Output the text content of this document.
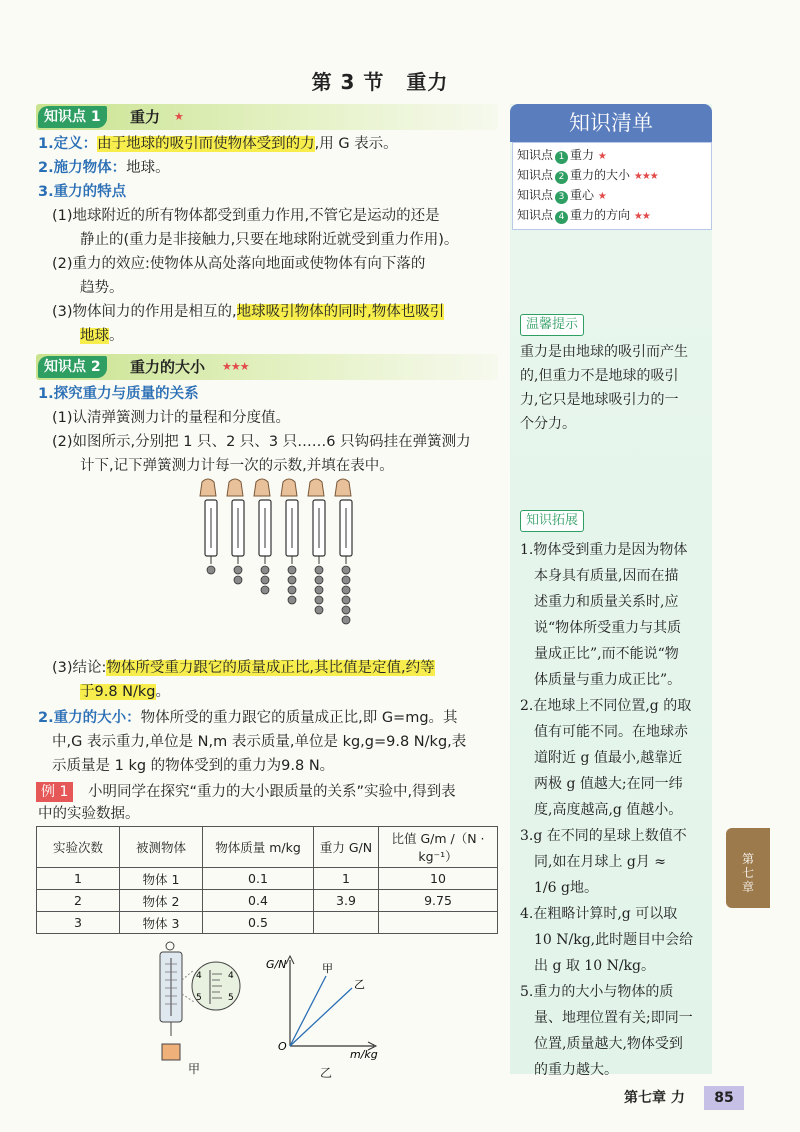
第 3 节 重力
知识点 1	重力 ★
1.定义：由于地球的吸引而使物体受到的力,用 G 表示。
2.施力物体：地球。
3.重力的特点
(1)地球附近的所有物体都受到重力作用,不管它是运动的还是
静止的(重力是非接触力,只要在地球附近就受到重力作用)。
(2)重力的效应:使物体从高处落向地面或使物体有向下落的
趋势。
(3)物体间力的作用是相互的,地球吸引物体的同时,物体也吸引
地球。
知识点 2	重力的大小 ★★★
1.探究重力与质量的关系
(1)认清弹簧测力计的量程和分度值。
(2)如图所示,分别把 1 只、2 只、3 只……6 只钩码挂在弹簧测力
计下,记下弹簧测力计每一次的示数,并填在表中。
(3)结论:物体所受重力跟它的质量成正比,其比值是定值,约等
于9.8 N/kg。
2.重力的大小：物体所受的重力跟它的质量成正比,即 G=mg。其
中,G 表示重力,单位是 N,m 表示质量,单位是 kg,g=9.8 N/kg,表
示质量是 1 kg 的物体受到的重力为9.8 N。
例 1	小明同学在探究“重力的大小跟质量的关系”实验中,得到表
中的实验数据。
实验次数	被测物体	物体质量 m/kg	重力 G/N	比值 G/m /（N · kg⁻¹）
1	物体 1	0.1	1	10
2	物体 2	0.4	3.9	9.75
3	物体 3	0.5		
4
4
5
5
甲
G/N
m/kg
O
甲
乙
乙
知识清单
知识点 1 重力 ★
知识点 2 重力的大小 ★★★
知识点 3 重心 ★
知识点 4 重力的方向 ★★
温馨提示
重力是由地球的吸引而产生
的,但重力不是地球的吸引
力,它只是地球吸引力的一
个分力。
知识拓展
1.物体受到重力是因为物体
本身具有质量,因而在描
述重力和质量关系时,应
说“物体所受重力与其质
量成正比”,而不能说“物
体质量与重力成正比”。
2.在地球上不同位置,g 的取
值有可能不同。在地球赤
道附近 g 值最小,越靠近
两极 g 值越大;在同一纬
度,高度越高,g 值越小。
3.g 在不同的星球上数值不
同,如在月球上 g月 ≈
1/6 g地。
4.在粗略计算时,g 可以取
10 N/kg,此时题目中会给
出 g 取 10 N/kg。
5.重力的大小与物体的质
量、地理位置有关;即同一
位置,质量越大,物体受到
的重力越大。
第
七
章
第七章 力	85
